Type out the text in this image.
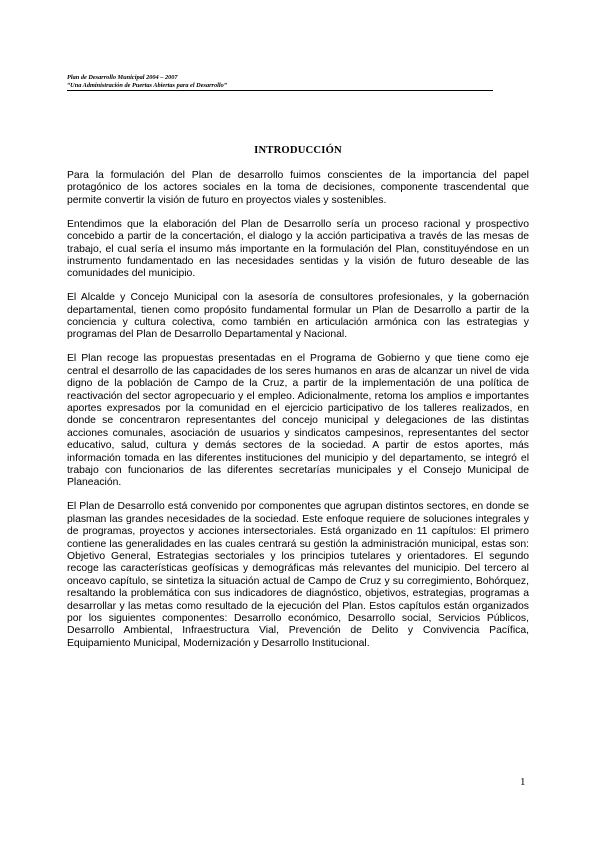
Plan de Desarrollo Municipal 2004 – 2007
“Una Administración de Puertas Abiertas para el Desarrollo”
INTRODUCCIÓN

Para la formulación del Plan de desarrollo fuimos conscientes de la importancia del papel protagónico de los actores sociales en la toma de decisiones, componente trascendental que permite convertir la visión de futuro en proyectos viales y sostenibles.

Entendimos que la elaboración del Plan de Desarrollo sería un proceso racional y prospectivo concebido a partir de la concertación, el dialogo y la acción participativa a través de las mesas de trabajo, el cual sería el insumo más importante en la formulación del Plan, constituyéndose en un instrumento fundamentado en las necesidades sentidas y la visión de futuro deseable de las comunidades del municipio.

El Alcalde y Concejo Municipal con la asesoría de consultores profesionales, y la gobernación departamental, tienen como propósito fundamental formular un Plan de Desarrollo a partir de la conciencia y cultura colectiva, como también en articulación armónica con las estrategias y programas del Plan de Desarrollo Departamental y Nacional.

El Plan recoge las propuestas presentadas en el Programa de Gobierno y que tiene como eje central el desarrollo de las capacidades de los seres humanos en aras de alcanzar un nivel de vida digno de la población de Campo de la Cruz, a partir de la implementación de una política de reactivación del sector agropecuario y el empleo. Adicionalmente, retoma los amplios e importantes aportes expresados por la comunidad en el ejercicio participativo de los talleres realizados, en donde se concentraron representantes del concejo municipal y delegaciones de las distintas acciones comunales, asociación de usuarios y sindicatos campesinos, representantes del sector educativo, salud, cultura y demás sectores de la sociedad. A partir de estos aportes, más información tomada en las diferentes instituciones del municipio y del departamento, se integró el trabajo con funcionarios de las diferentes secretarías municipales y el Consejo Municipal de Planeación.

El Plan de Desarrollo está convenido por componentes que agrupan distintos sectores, en donde se plasman las grandes necesidades de la sociedad. Este enfoque requiere de soluciones integrales y de programas, proyectos y acciones intersectoriales. Está organizado en 11 capítulos: El primero contiene las generalidades en las cuales centrará su gestión la administración municipal, estas son: Objetivo General, Estrategias sectoriales y los principios tutelares y orientadores. El segundo recoge las características geofísicas y demográficas más relevantes del municipio. Del tercero al onceavo capítulo, se sintetiza la situación actual de Campo de Cruz y su corregimiento, Bohórquez, resaltando la problemática con sus indicadores de diagnóstico, objetivos, estrategias, programas a desarrollar y las metas como resultado de la ejecución del Plan. Estos capítulos están organizados por los siguientes componentes: Desarrollo económico, Desarrollo social, Servicios Públicos, Desarrollo Ambiental, Infraestructura Vial, Prevención de Delito y Convivencia Pacífica, Equipamiento Municipal, Modernización y Desarrollo Institucional.

1
